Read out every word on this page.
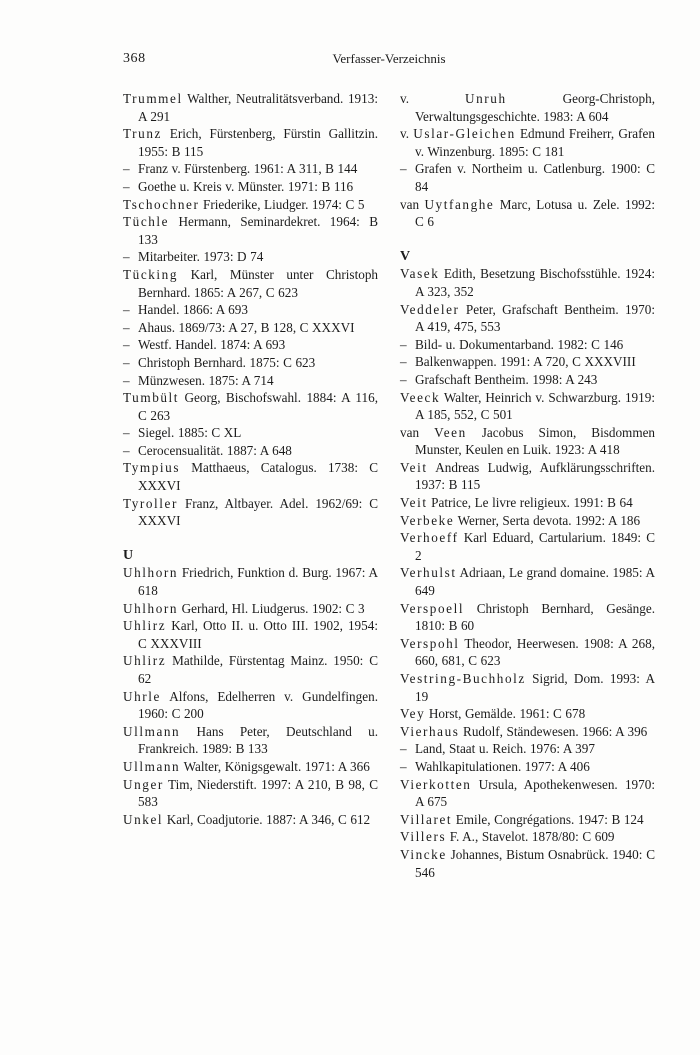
368	Verfasser-Verzeichnis

Trummel Walther, Neutralitätsverband. 1913: A 291

Trunz Erich, Fürstenberg, Fürstin Gallitzin. 1955: B 115

– Franz v. Fürstenberg. 1961: A 311, B 144

– Goethe u. Kreis v. Münster. 1971: B 116

Tschochner Friederike, Liudger. 1974: C 5

Tüchle Hermann, Seminardekret. 1964: B 133

– Mitarbeiter. 1973: D 74

Tücking Karl, Münster unter Christoph Bernhard. 1865: A 267, C 623

– Handel. 1866: A 693

– Ahaus. 1869/73: A 27, B 128, C XXXVI

– Westf. Handel. 1874: A 693

– Christoph Bernhard. 1875: C 623

– Münzwesen. 1875: A 714

Tumbült Georg, Bischofswahl. 1884: A 116, C 263

– Siegel. 1885: C XL

– Cerocensualität. 1887: A 648

Tympius Matthaeus, Catalogus. 1738: C XXXVI

Tyroller Franz, Altbayer. Adel. 1962/69: C XXXVI

U

Uhlhorn Friedrich, Funktion d. Burg. 1967: A 618

Uhlhorn Gerhard, Hl. Liudgerus. 1902: C 3

Uhlirz Karl, Otto II. u. Otto III. 1902, 1954: C XXXVIII

Uhlirz Mathilde, Fürstentag Mainz. 1950: C 62

Uhrle Alfons, Edelherren v. Gundelfingen. 1960: C 200

Ullmann Hans Peter, Deutschland u. Frankreich. 1989: B 133

Ullmann Walter, Königsgewalt. 1971: A 366

Unger Tim, Niederstift. 1997: A 210, B 98, C 583

Unkel Karl, Coadjutorie. 1887: A 346, C 612

v.	Unruh	Georg-Christoph, Verwaltungsgeschichte. 1983: A 604

v. Uslar-Gleichen Edmund Freiherr, Grafen v. Winzenburg. 1895: C 181

– Grafen v. Northeim u. Catlenburg. 1900: C 84

van Uytfanghe Marc, Lotusa u. Zele. 1992: C 6

V

Vasek Edith, Besetzung Bischofsstühle. 1924: A 323, 352

Veddeler Peter, Grafschaft Bentheim. 1970: A 419, 475, 553

– Bild- u. Dokumentarband. 1982: C 146

– Balkenwappen. 1991: A 720, C XXXVIII

– Grafschaft Bentheim. 1998: A 243

Veeck Walter, Heinrich v. Schwarzburg. 1919: A 185, 552, C 501

van Veen Jacobus Simon, Bisdommen Munster, Keulen en Luik. 1923: A 418

Veit Andreas Ludwig, Aufklärungsschriften. 1937: B 115

Veit Patrice, Le livre religieux. 1991: B 64

Verbeke Werner, Serta devota. 1992: A 186

Verhoeff Karl Eduard, Cartularium. 1849: C 2

Verhulst Adriaan, Le grand domaine. 1985: A 649

Verspoell Christoph Bernhard, Gesänge. 1810: B 60

Verspohl Theodor, Heerwesen. 1908: A 268, 660, 681, C 623

Vestring-Buchholz Sigrid, Dom. 1993: A 19

Vey Horst, Gemälde. 1961: C 678

Vierhaus Rudolf, Ständewesen. 1966: A 396

– Land, Staat u. Reich. 1976: A 397

– Wahlkapitulationen. 1977: A 406

Vierkotten Ursula, Apothekenwesen. 1970: A 675

Villaret Emile, Congrégations. 1947: B 124

Villers F. A., Stavelot. 1878/80: C 609

Vincke Johannes, Bistum Osnabrück. 1940: C 546
